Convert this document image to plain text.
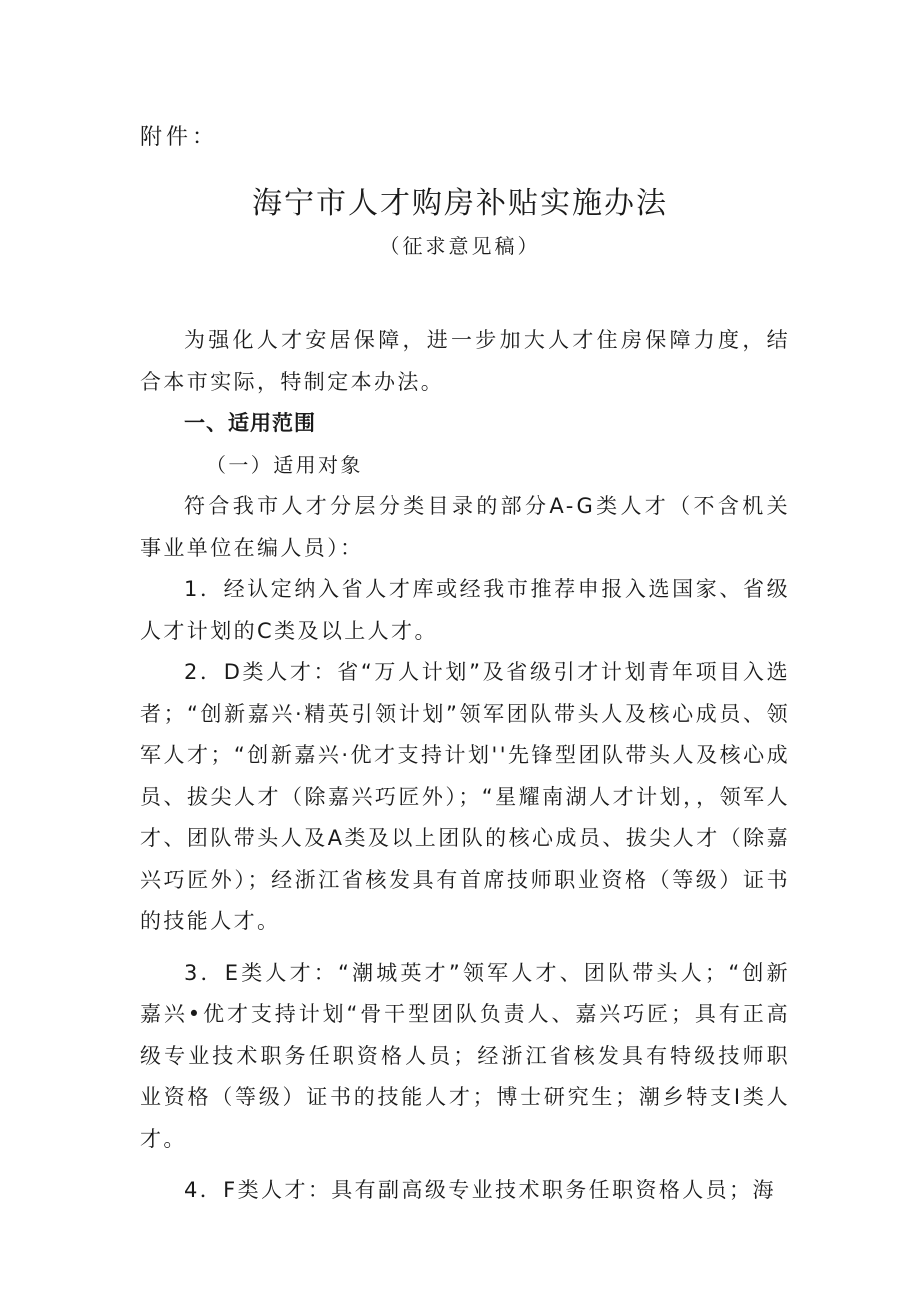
附件：
海宁市人才购房补贴实施办法
（征求意见稿）

为强化人才安居保障，进一步加大人才住房保障力度，结合本市实际，特制定本办法。

一、适用范围

（一）适用对象

符合我市人才分层分类目录的部分A-G类人才（不含机关事业单位在编人员）：

1．经认定纳入省人才库或经我市推荐申报入选国家、省级人才计划的C类及以上人才。

2．D类人才：省“万人计划”及省级引才计划青年项目入选者；“创新嘉兴·精英引领计划”领军团队带头人及核心成员、领军人才；“创新嘉兴·优才支持计划''先锋型团队带头人及核心成员、拔尖人才（除嘉兴巧匠外）；“星耀南湖人才计划，，领军人才、团队带头人及A类及以上团队的核心成员、拔尖人才（除嘉兴巧匠外）；经浙江省核发具有首席技师职业资格（等级）证书的技能人才。

3．E类人才：“潮城英才”领军人才、团队带头人；“创新嘉兴•优才支持计划“骨干型团队负责人、嘉兴巧匠；具有正高级专业技术职务任职资格人员；经浙江省核发具有特级技师职业资格（等级）证书的技能人才；博士研究生；潮乡特支Ⅰ类人才。

4．F类人才：具有副高级专业技术职务任职资格人员；海
